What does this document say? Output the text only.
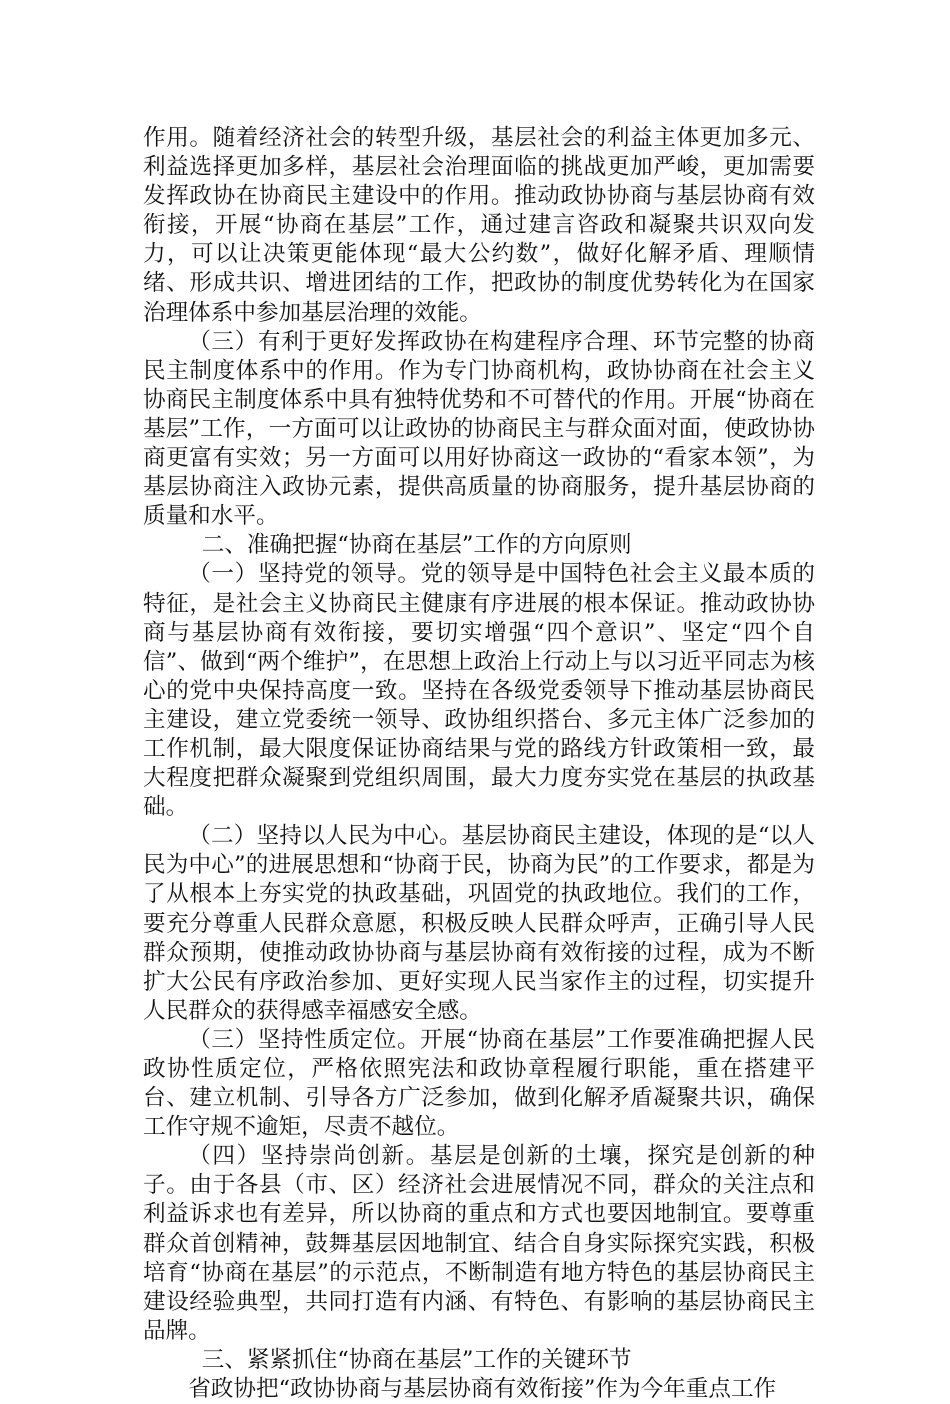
作用。随着经济社会的转型升级，基层社会的利益主体更加多元、利益选择更加多样，基层社会治理面临的挑战更加严峻，更加需要发挥政协在协商民主建设中的作用。推动政协协商与基层协商有效衔接，开展“协商在基层”工作，通过建言咨政和凝聚共识双向发力，可以让决策更能体现“最大公约数”，做好化解矛盾、理顺情绪、形成共识、增进团结的工作，把政协的制度优势转化为在国家治理体系中参加基层治理的效能。

（三）有利于更好发挥政协在构建程序合理、环节完整的协商民主制度体系中的作用。作为专门协商机构，政协协商在社会主义协商民主制度体系中具有独特优势和不可替代的作用。开展“协商在基层”工作，一方面可以让政协的协商民主与群众面对面，使政协协商更富有实效；另一方面可以用好协商这一政协的“看家本领”，为基层协商注入政协元素，提供高质量的协商服务，提升基层协商的质量和水平。

二、准确把握“协商在基层”工作的方向原则

（一）坚持党的领导。党的领导是中国特色社会主义最本质的特征，是社会主义协商民主健康有序进展的根本保证。推动政协协商与基层协商有效衔接，要切实增强“四个意识”、坚定“四个自信”、做到“两个维护”，在思想上政治上行动上与以习近平同志为核心的党中央保持高度一致。坚持在各级党委领导下推动基层协商民主建设，建立党委统一领导、政协组织搭台、多元主体广泛参加的工作机制，最大限度保证协商结果与党的路线方针政策相一致，最大程度把群众凝聚到党组织周围，最大力度夯实党在基层的执政基础。

（二）坚持以人民为中心。基层协商民主建设，体现的是“以人民为中心”的进展思想和“协商于民，协商为民”的工作要求，都是为了从根本上夯实党的执政基础，巩固党的执政地位。我们的工作，要充分尊重人民群众意愿，积极反映人民群众呼声，正确引导人民群众预期，使推动政协协商与基层协商有效衔接的过程，成为不断扩大公民有序政治参加、更好实现人民当家作主的过程，切实提升人民群众的获得感幸福感安全感。

（三）坚持性质定位。开展“协商在基层”工作要准确把握人民政协性质定位，严格依照宪法和政协章程履行职能，重在搭建平台、建立机制、引导各方广泛参加，做到化解矛盾凝聚共识，确保工作守规不逾矩，尽责不越位。

（四）坚持崇尚创新。基层是创新的土壤，探究是创新的种子。由于各县（市、区）经济社会进展情况不同，群众的关注点和利益诉求也有差异，所以协商的重点和方式也要因地制宜。要尊重群众首创精神，鼓舞基层因地制宜、结合自身实际探究实践，积极培育“协商在基层”的示范点，不断制造有地方特色的基层协商民主建设经验典型，共同打造有内涵、有特色、有影响的基层协商民主品牌。

三、紧紧抓住“协商在基层”工作的关键环节

省政协把“政协协商与基层协商有效衔接”作为今年重点工作
